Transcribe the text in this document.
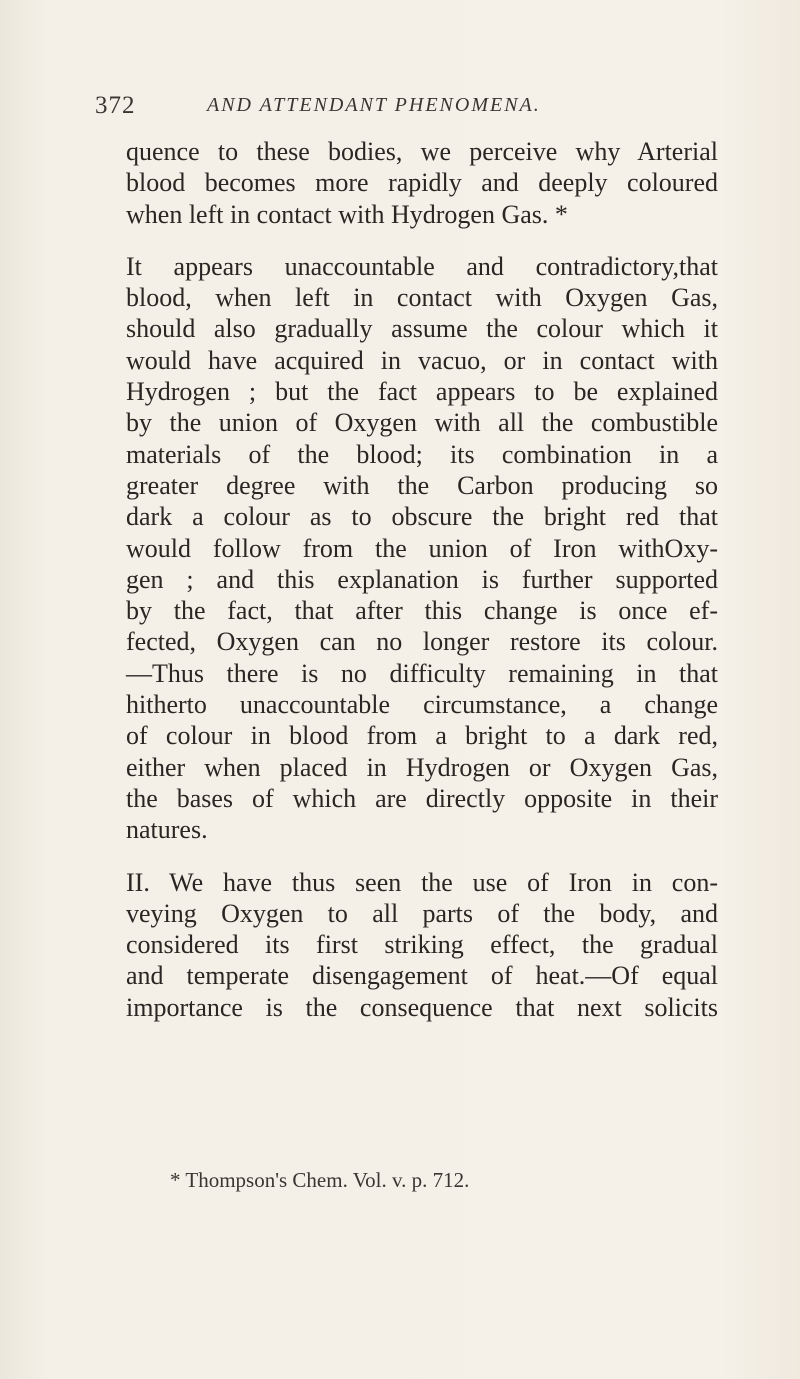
372	AND ATTENDANT PHENOMENA.
quence to these bodies, we perceive why Arterial
blood becomes more rapidly and deeply coloured
when left in contact with Hydrogen Gas. *
It appears unaccountable and contradictory,that
blood, when left in contact with Oxygen Gas,
should also gradually assume the colour which it
would have acquired in vacuo, or in contact with
Hydrogen ; but the fact appears to be explained
by the union of Oxygen with all the combustible
materials of the blood; its combination in a
greater degree with the Carbon producing so
dark a colour as to obscure the bright red that
would follow from the union of Iron withOxy-
gen ; and this explanation is further supported
by the fact, that after this change is once ef-
fected, Oxygen can no longer restore its colour.
—Thus there is no difficulty remaining in that
hitherto unaccountable circumstance, a change
of colour in blood from a bright to a dark red,
either when placed in Hydrogen or Oxygen Gas,
the bases of which are directly opposite in their
natures.
II. We have thus seen the use of Iron in con-
veying Oxygen to all parts of the body, and
considered its first striking effect, the gradual
and temperate disengagement of heat.—Of equal
importance is the consequence that next solicits
* Thompson's Chem. Vol. v. p. 712.
